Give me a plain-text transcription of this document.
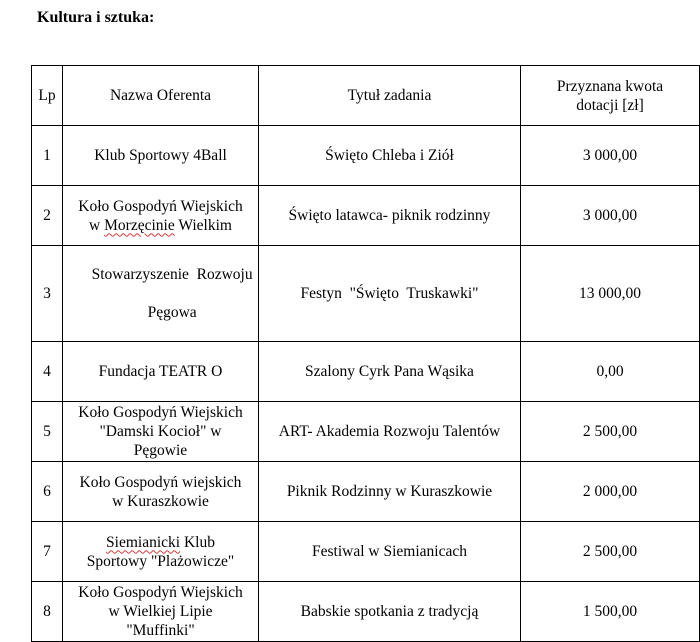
Kultura i sztuka:
Lp	Nazwa Oferenta	Tytuł zadania	Przyznana kwota
dotacji [zł]
1	Klub Sportowy 4Ball	Święto Chleba i Ziół	3 000,00
2	Koło Gospodyń Wiejskich
w Morzęcinie Wielkim	Święto latawca- piknik rodzinny	3 000,00
3	Stowarzyszenie  Rozwoju

Pęgowa	Festyn  "Święto  Truskawki"	13 000,00
4	Fundacja TEATR O	Szalony Cyrk Pana Wąsika	0,00
5	Koło Gospodyń Wiejskich
"Damski Kocioł" w
Pęgowie	ART- Akademia Rozwoju Talentów	2 500,00
6	Koło Gospodyń wiejskich
w Kuraszkowie	Piknik Rodzinny w Kuraszkowie	2 000,00
7	Siemianicki Klub
Sportowy "Plażowicze"	Festiwal w Siemianicach	2 500,00
8	Koło Gospodyń Wiejskich
w Wielkiej Lipie
"Muffinki"	Babskie spotkania z tradycją	1 500,00
